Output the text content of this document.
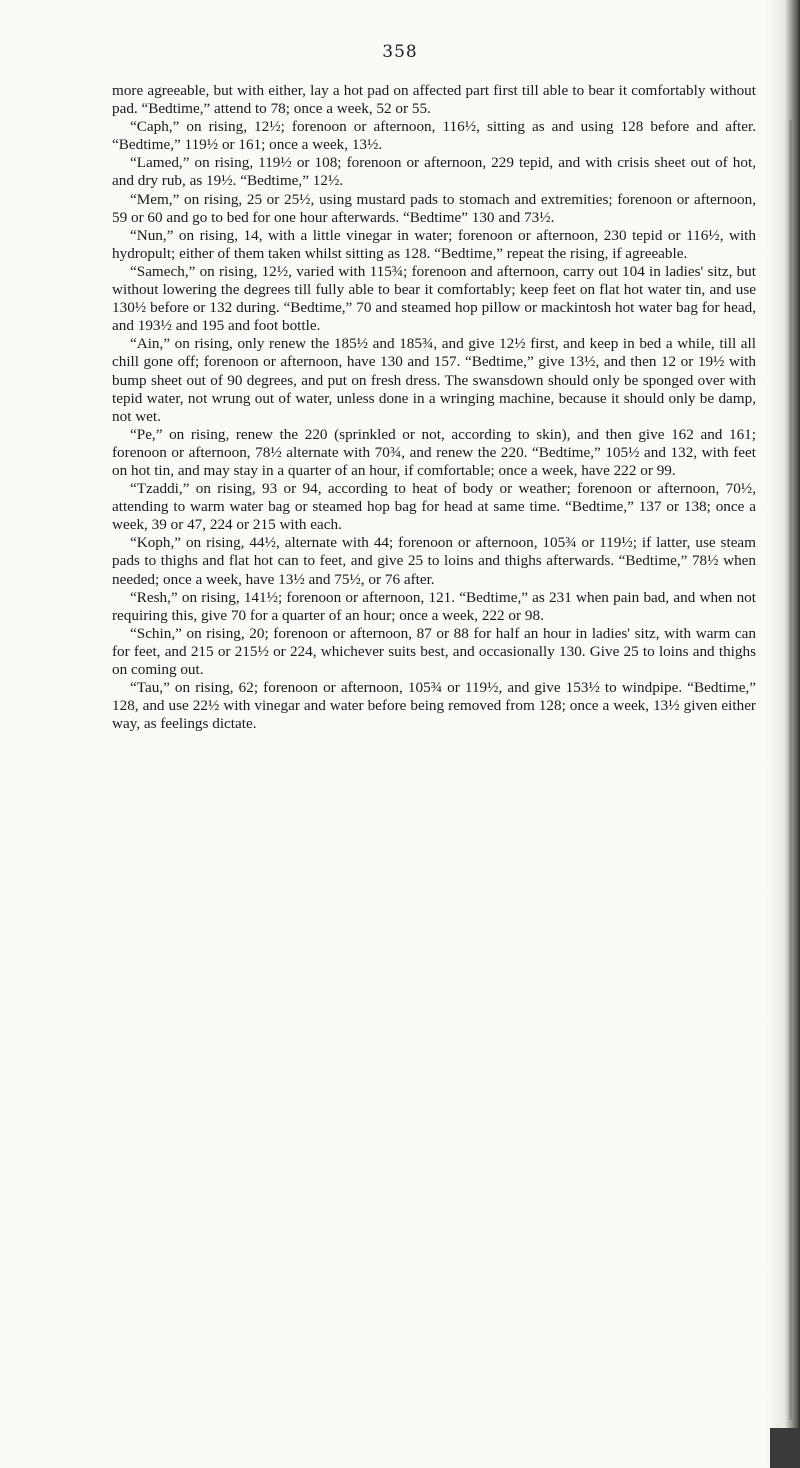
358

more agreeable, but with either, lay a hot pad on affected part first till able to bear it comfortably without pad. “Bedtime,” attend to 78; once a week, 52 or 55.

“Caph,” on rising, 12½; forenoon or afternoon, 116½, sitting as and using 128 before and after. “Bedtime,” 119½ or 161; once a week, 13½.

“Lamed,” on rising, 119½ or 108; forenoon or afternoon, 229 tepid, and with crisis sheet out of hot, and dry rub, as 19½. “Bedtime,” 12½.

“Mem,” on rising, 25 or 25½, using mustard pads to stomach and extremities; forenoon or afternoon, 59 or 60 and go to bed for one hour afterwards. “Bedtime” 130 and 73½.

“Nun,” on rising, 14, with a little vinegar in water; forenoon or afternoon, 230 tepid or 116½, with hydropult; either of them taken whilst sitting as 128. “Bedtime,” repeat the rising, if agreeable.

“Samech,” on rising, 12½, varied with 115¾; forenoon and afternoon, carry out 104 in ladies' sitz, but without lowering the degrees till fully able to bear it comfortably; keep feet on flat hot water tin, and use 130½ before or 132 during. “Bedtime,” 70 and steamed hop pillow or mackintosh hot water bag for head, and 193½ and 195 and foot bottle.

“Ain,” on rising, only renew the 185½ and 185¾, and give 12½ first, and keep in bed a while, till all chill gone off; forenoon or afternoon, have 130 and 157. “Bedtime,” give 13½, and then 12 or 19½ with bump sheet out of 90 degrees, and put on fresh dress. The swansdown should only be sponged over with tepid water, not wrung out of water, unless done in a wringing machine, because it should only be damp, not wet.

“Pe,” on rising, renew the 220 (sprinkled or not, according to skin), and then give 162 and 161; forenoon or afternoon, 78½ alternate with 70¾, and renew the 220. “Bedtime,” 105½ and 132, with feet on hot tin, and may stay in a quarter of an hour, if comfortable; once a week, have 222 or 99.

“Tzaddi,” on rising, 93 or 94, according to heat of body or weather; forenoon or afternoon, 70½, attending to warm water bag or steamed hop bag for head at same time. “Bedtime,” 137 or 138; once a week, 39 or 47, 224 or 215 with each.

“Koph,” on rising, 44½, alternate with 44; forenoon or afternoon, 105¾ or 119½; if latter, use steam pads to thighs and flat hot can to feet, and give 25 to loins and thighs afterwards. “Bedtime,” 78½ when needed; once a week, have 13½ and 75½, or 76 after.

“Resh,” on rising, 141½; forenoon or afternoon, 121. “Bedtime,” as 231 when pain bad, and when not requiring this, give 70 for a quarter of an hour; once a week, 222 or 98.

“Schin,” on rising, 20; forenoon or afternoon, 87 or 88 for half an hour in ladies' sitz, with warm can for feet, and 215 or 215½ or 224, whichever suits best, and occasionally 130. Give 25 to loins and thighs on coming out.

“Tau,” on rising, 62; forenoon or afternoon, 105¾ or 119½, and give 153½ to windpipe. “Bedtime,” 128, and use 22½ with vinegar and water before being removed from 128; once a week, 13½ given either way, as feelings dictate.
